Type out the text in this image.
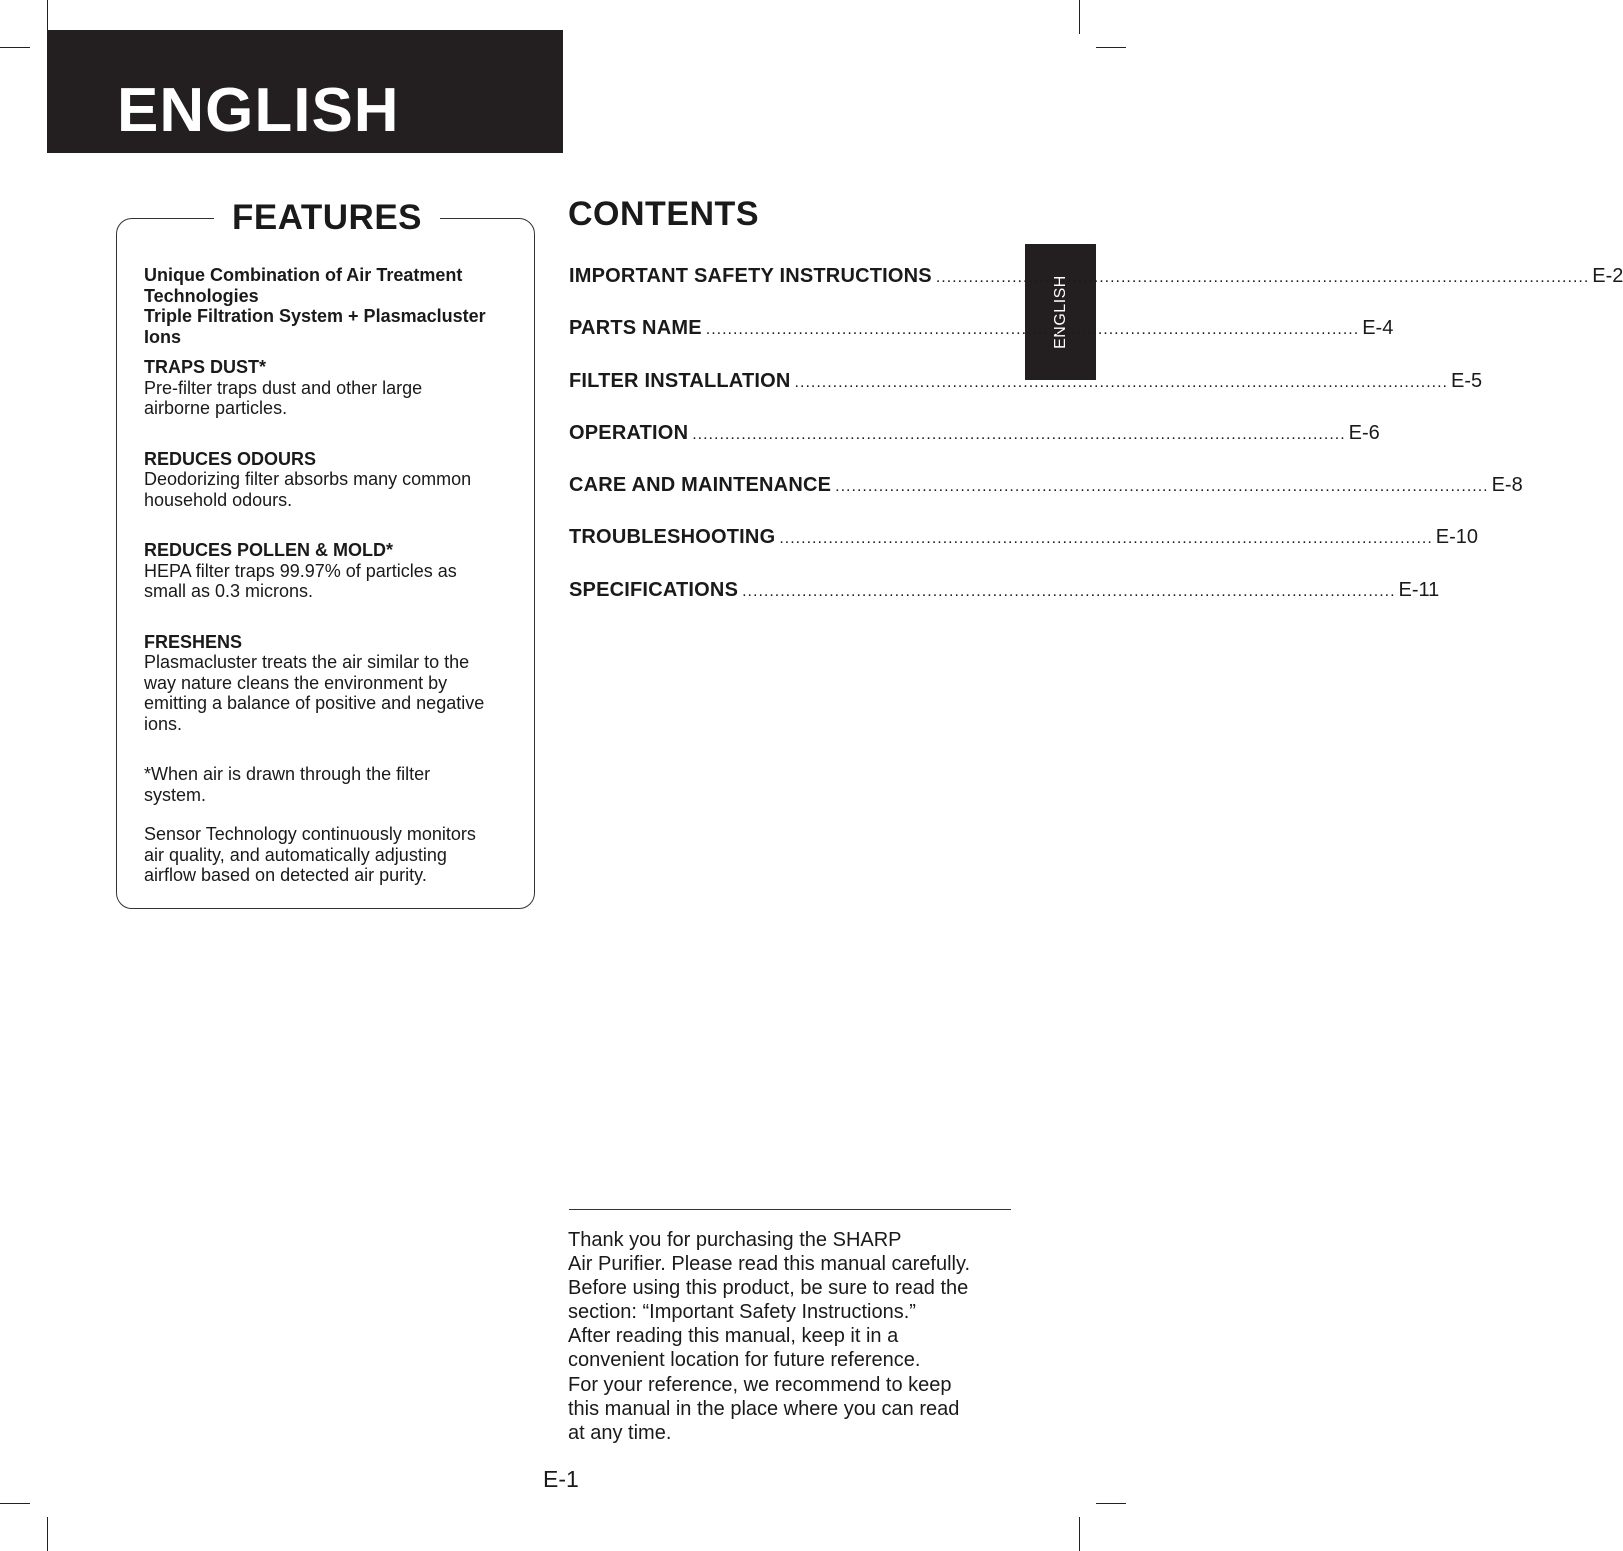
ENGLISH
ENGLISH
FEATURES
Unique Combination of Air Treatment
Technologies
Triple Filtration System + Plasmacluster
Ions
TRAPS DUST*
Pre-filter traps dust and other large
airborne particles.
REDUCES ODOURS
Deodorizing filter absorbs many common
household odours.
REDUCES POLLEN & MOLD*
HEPA filter traps 99.97% of particles as
small as 0.3 microns.
FRESHENS
Plasmacluster treats the air similar to the
way nature cleans the environment by
emitting a balance of positive and negative
ions.
*When air is drawn through the filter
system.
Sensor Technology continuously monitors
air quality, and automatically adjusting
airflow based on detected air purity.
CONTENTS
IMPORTANT SAFETY INSTRUCTIONS ........................................................................................................................ E-2
PARTS NAME ........................................................................................................................ E-4
FILTER INSTALLATION ........................................................................................................................ E-5
OPERATION ........................................................................................................................ E-6
CARE AND MAINTENANCE ........................................................................................................................ E-8
TROUBLESHOOTING ........................................................................................................................ E-10
SPECIFICATIONS ........................................................................................................................ E-11
Thank you for purchasing the SHARP
Air Purifier. Please read this manual carefully.
Before using this product, be sure to read the
section: “Important Safety Instructions.”
After reading this manual, keep it in a
convenient location for future reference.
For your reference, we recommend to keep
this manual in the place where you can read
at any time.
E-1
